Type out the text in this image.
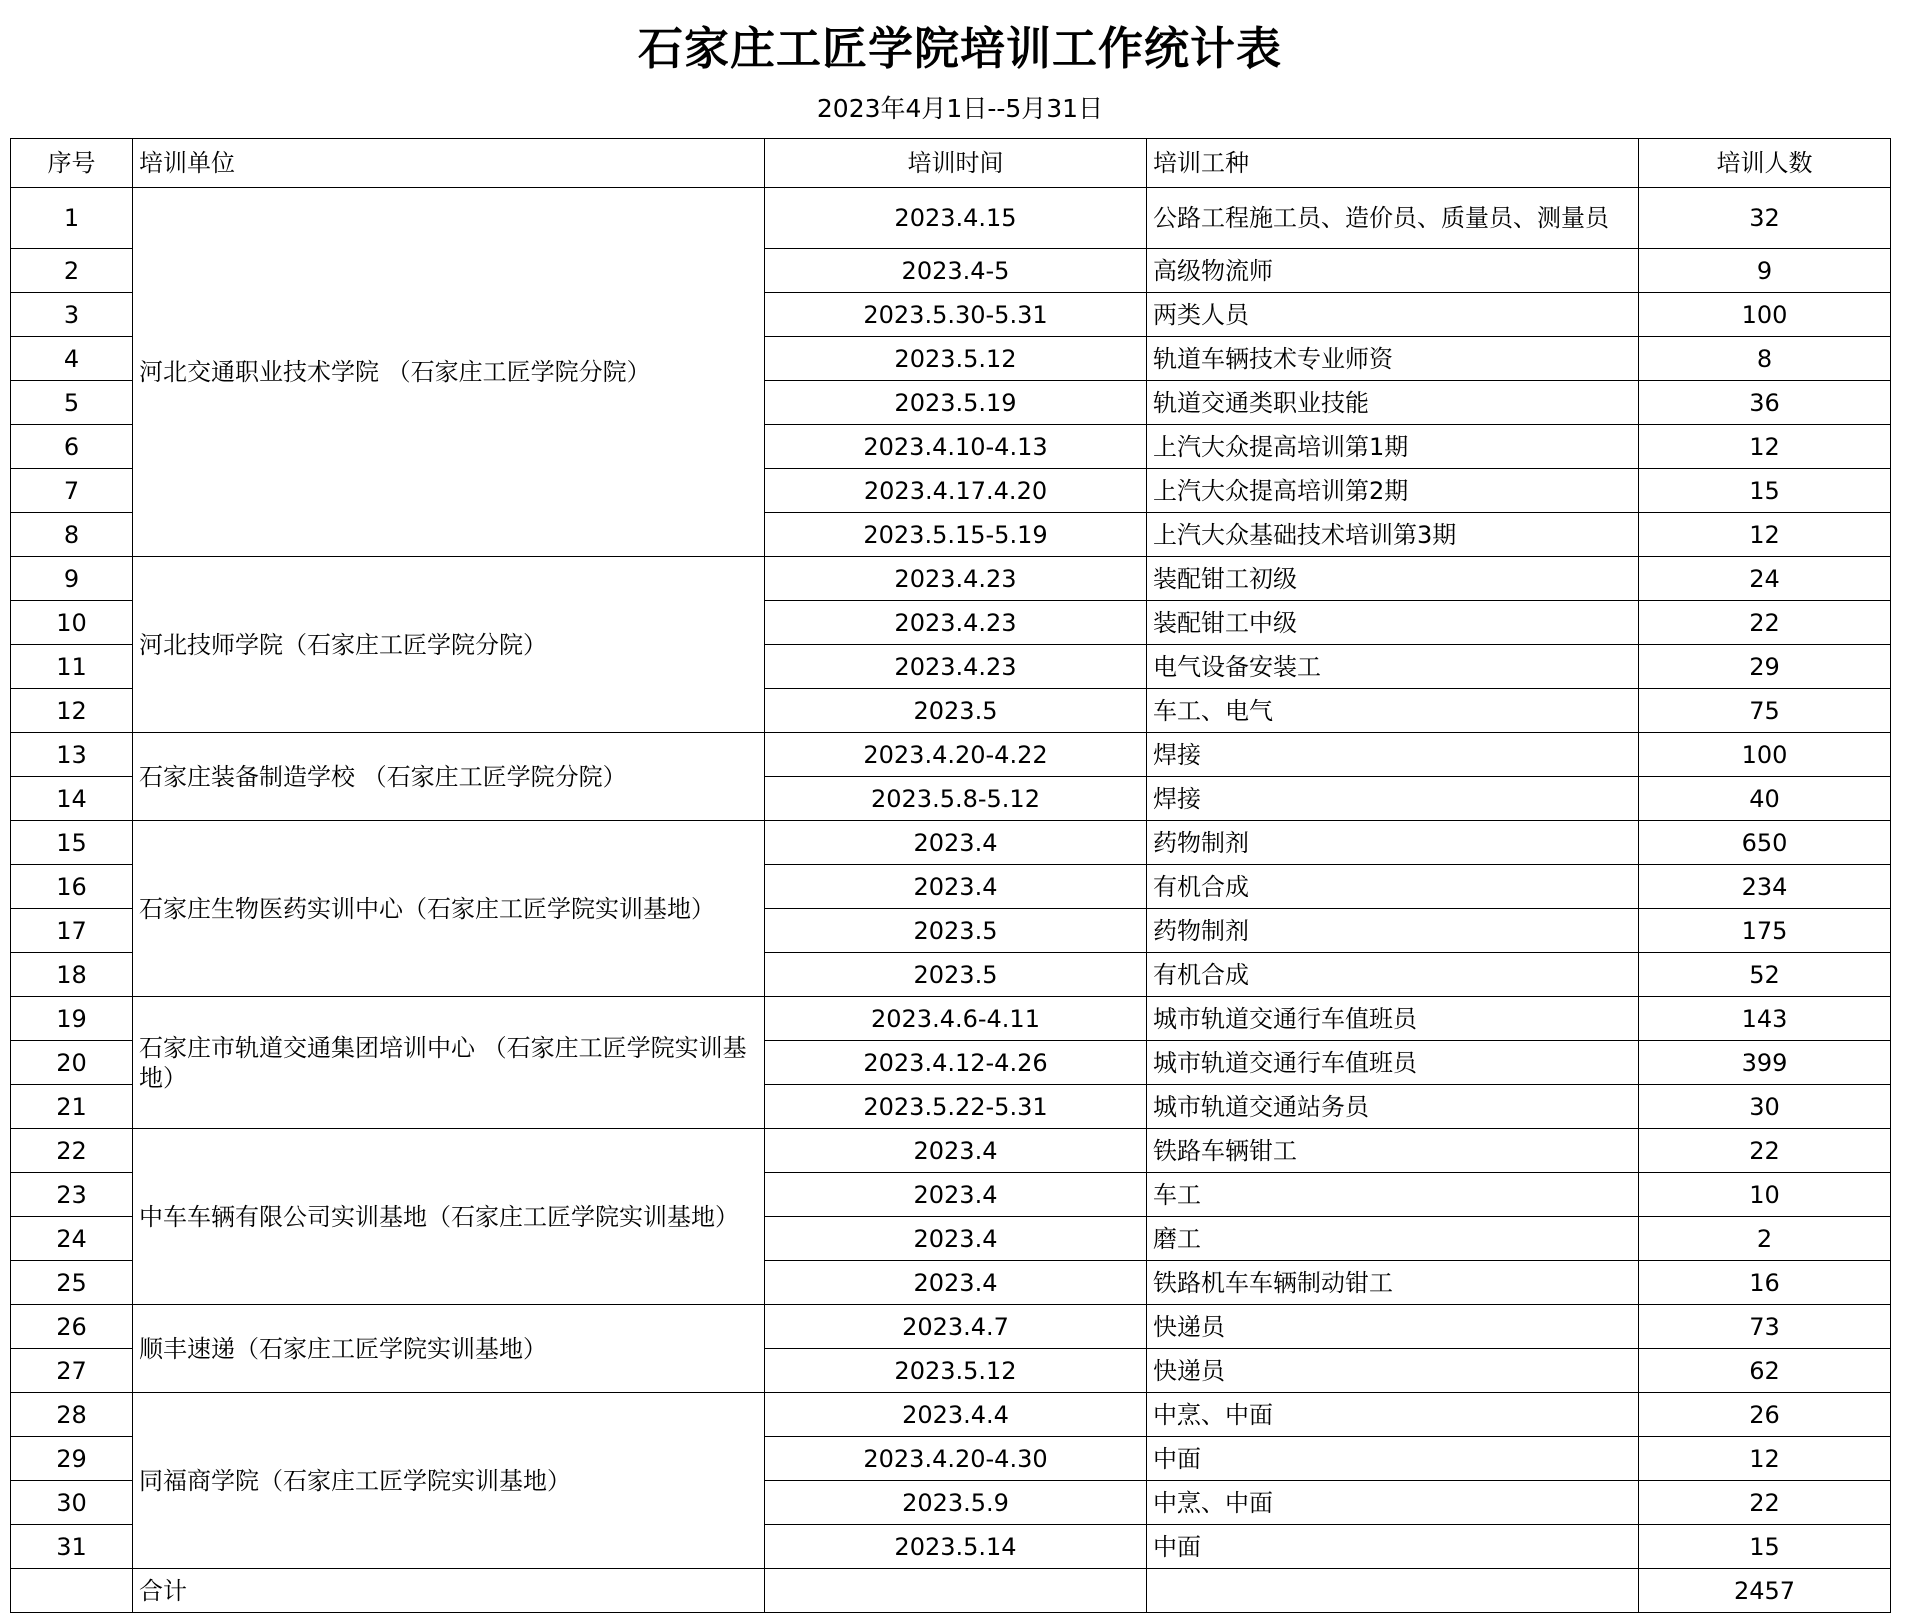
石家庄工匠学院培训工作统计表
2023年4月1日--5月31日
序号	培训单位	培训时间	培训工种	培训人数
1	河北交通职业技术学院 （石家庄工匠学院分院）	2023.4.15	公路工程施工员、造价员、质量员、测量员	32
2		2023.4-5	高级物流师	9
3		2023.5.30-5.31	两类人员	100
4		2023.5.12	轨道车辆技术专业师资	8
5		2023.5.19	轨道交通类职业技能	36
6		2023.4.10-4.13	上汽大众提高培训第1期	12
7		2023.4.17.4.20	上汽大众提高培训第2期	15
8		2023.5.15-5.19	上汽大众基础技术培训第3期	12
9	河北技师学院（石家庄工匠学院分院）	2023.4.23	装配钳工初级	24
10		2023.4.23	装配钳工中级	22
11		2023.4.23	电气设备安装工	29
12		2023.5	车工、电气	75
13	石家庄装备制造学校 （石家庄工匠学院分院）	2023.4.20-4.22	焊接	100
14		2023.5.8-5.12	焊接	40
15	石家庄生物医药实训中心（石家庄工匠学院实训基地）	2023.4	药物制剂	650
16		2023.4	有机合成	234
17		2023.5	药物制剂	175
18		2023.5	有机合成	52
19	石家庄市轨道交通集团培训中心 （石家庄工匠学院实训基地）	2023.4.6-4.11	城市轨道交通行车值班员	143
20		2023.4.12-4.26	城市轨道交通行车值班员	399
21		2023.5.22-5.31	城市轨道交通站务员	30
22	中车车辆有限公司实训基地（石家庄工匠学院实训基地）	2023.4	铁路车辆钳工	22
23		2023.4	车工	10
24		2023.4	磨工	2
25		2023.4	铁路机车车辆制动钳工	16
26	顺丰速递（石家庄工匠学院实训基地）	2023.4.7	快递员	73
27		2023.5.12	快递员	62
28	同福商学院（石家庄工匠学院实训基地）	2023.4.4	中烹、中面	26
29		2023.4.20-4.30	中面	12
30		2023.5.9	中烹、中面	22
31		2023.5.14	中面	15
	合计			2457
